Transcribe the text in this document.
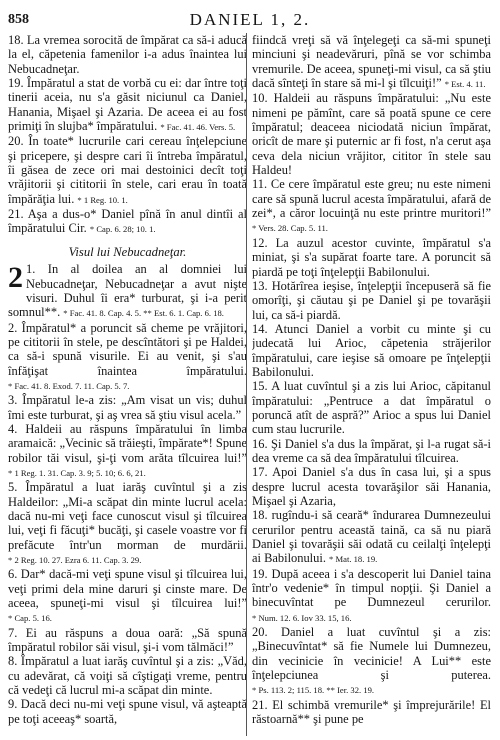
858	DANIEL 1, 2.

18. La vremea sorocită de împărat ca să-i aducă la el, căpetenia famenilor i-a adus înaintea lui Nebucadneţar.

19. Împăratul a stat de vorbă cu ei: dar între toţi tinerii aceia, nu s'a găsit niciunul ca Daniel, Hanania, Mişael şi Azaria. De aceea ei au fost primiţi în slujba* împăratului. * Fac. 41. 46. Vers. 5.

20. În toate* lucrurile cari cereau înţelepciune şi pricepere, şi despre cari îi întreba împăratul, îi găsea de zece ori mai destoinici decît toţi vrăjitorii şi cititorii în stele, cari erau în toată împărăţia lui. * 1 Reg. 10. 1.

21. Aşa a dus-o* Daniel pînă în anul dintîi al împăratului Cir. * Cap. 6. 28; 10. 1.

Visul lui Nebucadneţar.

2 1. In al doilea an al domniei lui Nebucadneţar, Nebucadneţar a avut nişte visuri. Duhul îi era* turburat, şi i-a perit somnul**. * Fac. 41. 8. Cap. 4. 5. ** Est. 6. 1. Cap. 6. 18.

2. Împăratul* a poruncit să cheme pe vrăjitori, pe cititorii în stele, pe descîntători şi pe Haldei, ca să-i spună visurile. Ei au venit, şi s'au înfăţişat înaintea împăratului. * Fac. 41. 8. Exod. 7. 11. Cap. 5. 7.

3. Împăratul le-a zis: „Am visat un vis; duhul îmi este turburat, şi aş vrea să ştiu visul acela.”

4. Haldeii au răspuns împăratului în limba aramaică: „Vecinic să trăieşti, împărate*! Spune robilor tăi visul, şi-ţi vom arăta tîlcuirea lui!” * 1 Reg. 1. 31. Cap. 3. 9; 5. 10; 6. 6, 21.

5. Împăratul a luat iarăş cuvîntul şi a zis Haldeilor: „Mi-a scăpat din minte lucrul acela: dacă nu-mi veţi face cunoscut visul şi tîlcuirea lui, veţi fi făcuţi* bucăţi, şi casele voastre vor fi prefăcute într'un morman de murdării. * 2 Reg. 10. 27. Ezra 6. 11. Cap. 3. 29.

6. Dar* dacă-mi veţi spune visul şi tîlcuirea lui, veţi primi dela mine daruri şi cinste mare. De aceea, spuneţi-mi visul şi tîlcuirea lui!” * Cap. 5. 16.

7. Ei au răspuns a doua oară: „Să spună împăratul robilor săi visul, şi-i vom tălmăci!”

8. Împăratul a luat iarăş cuvîntul şi a zis: „Văd, cu adevărat, că voiţi să cîştigaţi vreme, pentru că vedeţi că lucrul mi-a scăpat din minte.

9. Dacă deci nu-mi veţi spune visul, vă aşteaptă pe toţi aceeaş* soartă,

fiindcă vreţi să vă înţelegeţi ca să-mi spuneţi minciuni şi neadevăruri, pînă se vor schimba vremurile. De aceea, spuneţi-mi visul, ca să ştiu dacă sînteţi în stare să mi-l şi tîlcuiţi!” * Est. 4. 11.

10. Haldeii au răspuns împăratului: „Nu este nimeni pe pămînt, care să poată spune ce cere împăratul; deaceea niciodată niciun împărat, oricît de mare şi puternic ar fi fost, n'a cerut aşa ceva dela niciun vrăjitor, cititor în stele sau Haldeu!

11. Ce cere împăratul este greu; nu este nimeni care să spună lucrul acesta împăratului, afară de zei*, a căror locuinţă nu este printre muritori!” * Vers. 28. Cap. 5. 11.

12. La auzul acestor cuvinte, împăratul s'a miniat, şi s'a supărat foarte tare. A poruncit să piardă pe toţi înţelepţii Babilonului.

13. Hotărîrea ieşise, înţelepţii începuseră să fie omorîţi, şi căutau şi pe Daniel şi pe tovarăşii lui, ca să-i piardă.

14. Atunci Daniel a vorbit cu minte şi cu judecată lui Arioc, căpetenia străjerilor împăratului, care ieşise să omoare pe înţelepţii Babilonului.

15. A luat cuvîntul şi a zis lui Arioc, căpitanul împăratului: „Pentruce a dat împăratul o poruncă atît de aspră?” Arioc a spus lui Daniel cum stau lucrurile.

16. Şi Daniel s'a dus la împărat, şi l-a rugat să-i dea vreme ca să dea împăratului tîlcuirea.

17. Apoi Daniel s'a dus în casa lui, şi a spus despre lucrul acesta tovarăşilor săi Hanania, Mişael şi Azaria,

18. rugîndu-i să ceară* îndurarea Dumnezeului cerurilor pentru această taină, ca să nu piară Daniel şi tovarăşii săi odată cu ceilalţi înţelepţi ai Babilonului. * Mat. 18. 19.

19. După aceea i s'a descoperit lui Daniel taina într'o vedenie* în timpul nopţii. Şi Daniel a binecuvîntat pe Dumnezeul cerurilor. * Num. 12. 6. Iov 33. 15, 16.

20. Daniel a luat cuvîntul şi a zis: „Binecuvîntat* să fie Numele lui Dumnezeu, din vecinicie în vecinicie! A Lui** este înţelepciunea şi puterea. * Ps. 113. 2; 115. 18. ** Ier. 32. 19.

21. El schimbă vremurile* şi împrejurările! El răstoarnă** şi pune pe
